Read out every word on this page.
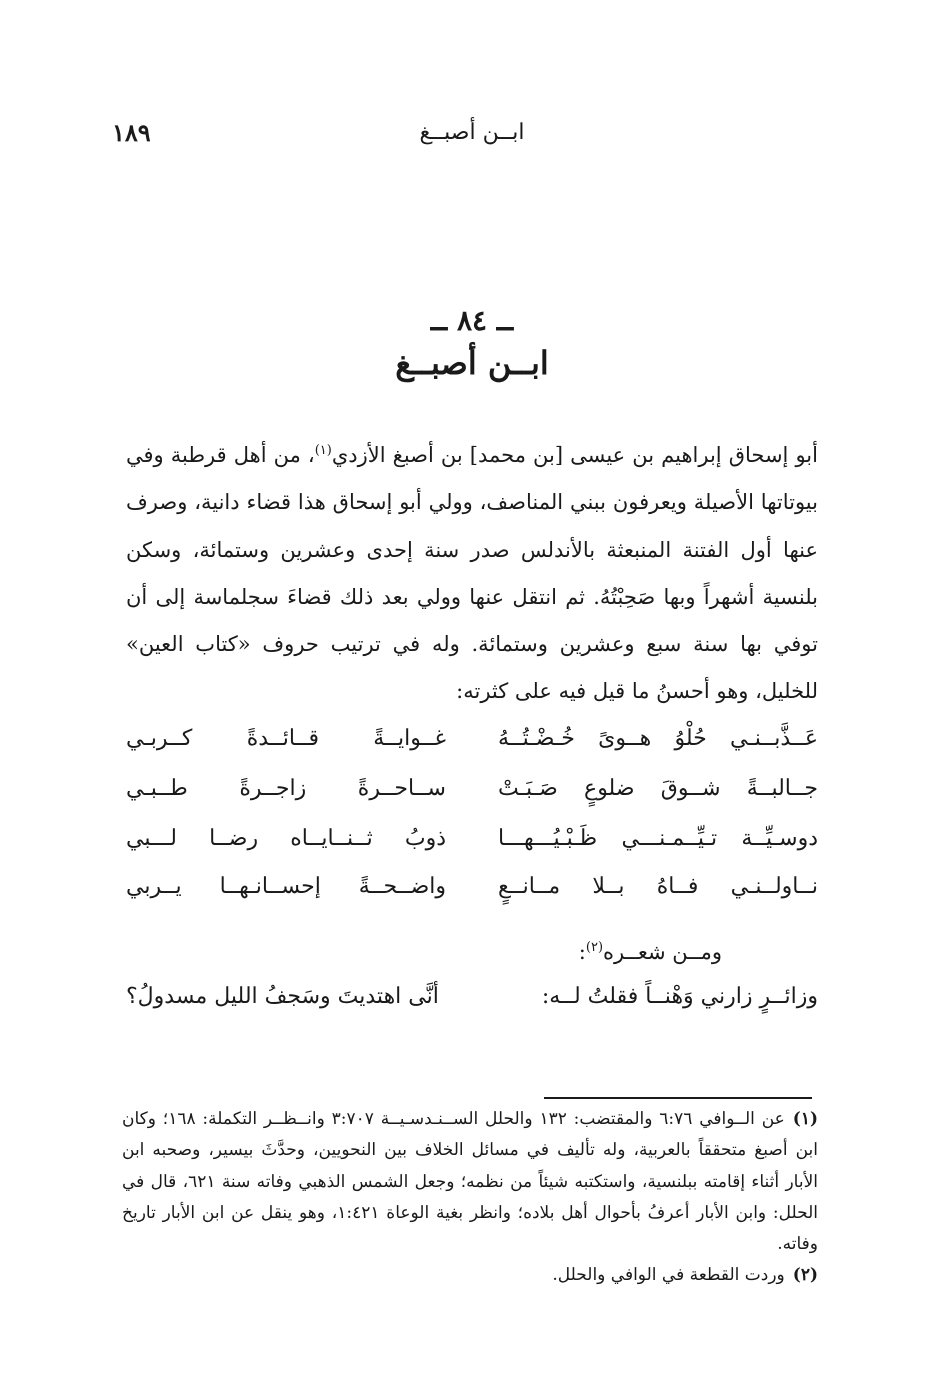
ابــن أصبــغ
١٨٩
ــ ٨٤ ــ
ابــن أصبــغ

أبو إسحاق إبراهيم بن عيسى [بن محمد] بن أصبغ الأزدي$^{(١)}$، من أهل قرطبة وفي بيوتاتها الأصيلة ويعرفون ببني المناصف، وولي أبو إسحاق هذا قضاء دانية، وصرف عنها أول الفتنة المنبعثة بالأندلس صدر سنة إحدى وعشرين وستمائة، وسكن بلنسية أشهراً وبها صَحِبْتُهُ. ثم انتقل عنها وولي بعد ذلك قضاءَ سجلماسة إلى أن توفي بها سنة سبع وعشرين وستمائة. وله في ترتيب حروف «كتاب العين» للخليل، وهو أحسنُ ما قيل فيه على كثرته:

عَــذَّبــنـي حُلْوُ هــوىً خُـضْـتُــهُ
غــوايــةً قــائــدةً كــربـي
جــالبــةً شــوقَ ضلوعٍ صَـبَـتْ
ســاحــرةً زاجــرةً طــبـي
دوسـيِّــة تـيِّــمـنـــي ظَـبْـيُـــهـــا
ذوبُ ثــنــايــاه رضــا لـــبي
نــاولــنـي فــاهُ بــلا مــانــعٍ
واضــحــةً إحســانـهــا يــربي
ومــن شعــره$^{(٢)}$:
وزائــرٍ زارني وَهْنــاً فقلتُ لــه:
أنَّى اهتديتَ وسَجفُ الليل مسدولُ؟

(١)عن الــوافي ٦:٧٦ والمقتضب: ١٣٢ والحلل الســنـدسـيــة ٣:٧٠٧ وانــظــر التكملة: ١٦٨؛ وكان ابن أصبغ متحققاً بالعربية، وله تأليف في مسائل الخلاف بين النحويين، وحدَّثَ بيسير، وصحبه ابن الأبار أثناء إقامته ببلنسية، واستكتبه شيئاً من نظمه؛ وجعل الشمس الذهبي وفاته سنة ٦٢١، قال في الحلل: وابن الأبار أعرفُ بأحوال أهل بلاده؛ وانظر بغية الوعاة ١:٤٢١، وهو ينقل عن ابن الأبار تاريخ وفاته.

(٢)وردت القطعة في الوافي والحلل.
